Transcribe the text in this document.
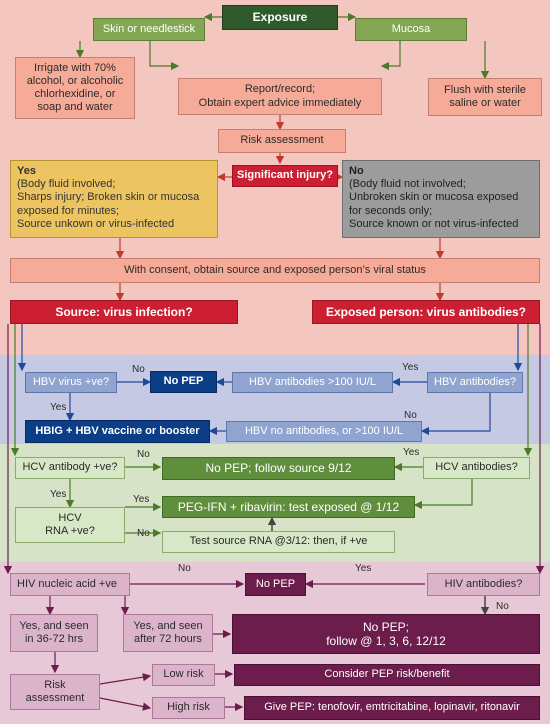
Exposure
Skin or needlestick	Mucosa
Irrigate with 70%
alcohol, or alcoholic
chlorhexidine, or
soap and water
Report/record;
Obtain expert advice immediately
Flush with sterile
saline or water
Risk assessment
Significant injury?
Yes
(Body fluid involved;
Sharps injury; Broken skin or mucosa
exposed for minutes;
Source unkown or virus-infected
No
(Body fluid not involved;
Unbroken skin or mucosa exposed
for seconds only;
Source known or not virus-infected
With consent, obtain source and exposed person’s viral status
Source: virus infection?	Exposed person: virus antibodies?
HBV virus +ve?	No PEP	HBV antibodies >100 IU/L	HBV antibodies?
HBIG + HBV vaccine or booster	HBV no antibodies, or >100 IU/L
HCV antibody +ve?	No PEP; follow source 9/12	HCV antibodies?
PEG-IFN + ribavirin: test exposed @ 1/12
HCV
RNA +ve?
Test source RNA @3/12: then, if +ve
HIV nucleic acid +ve	No PEP	HIV antibodies?
Yes, and seen
in 36-72 hrs
Yes, and seen
after 72 hours
No PEP;
follow @ 1, 3, 6, 12/12
Risk
assessment
Low risk	Consider PEP risk/benefit
High risk	Give PEP: tenofovir, emtricitabine, lopinavir, ritonavir
No	Yes
Yes
No
No	Yes
Yes	Yes
No
No	Yes
No
